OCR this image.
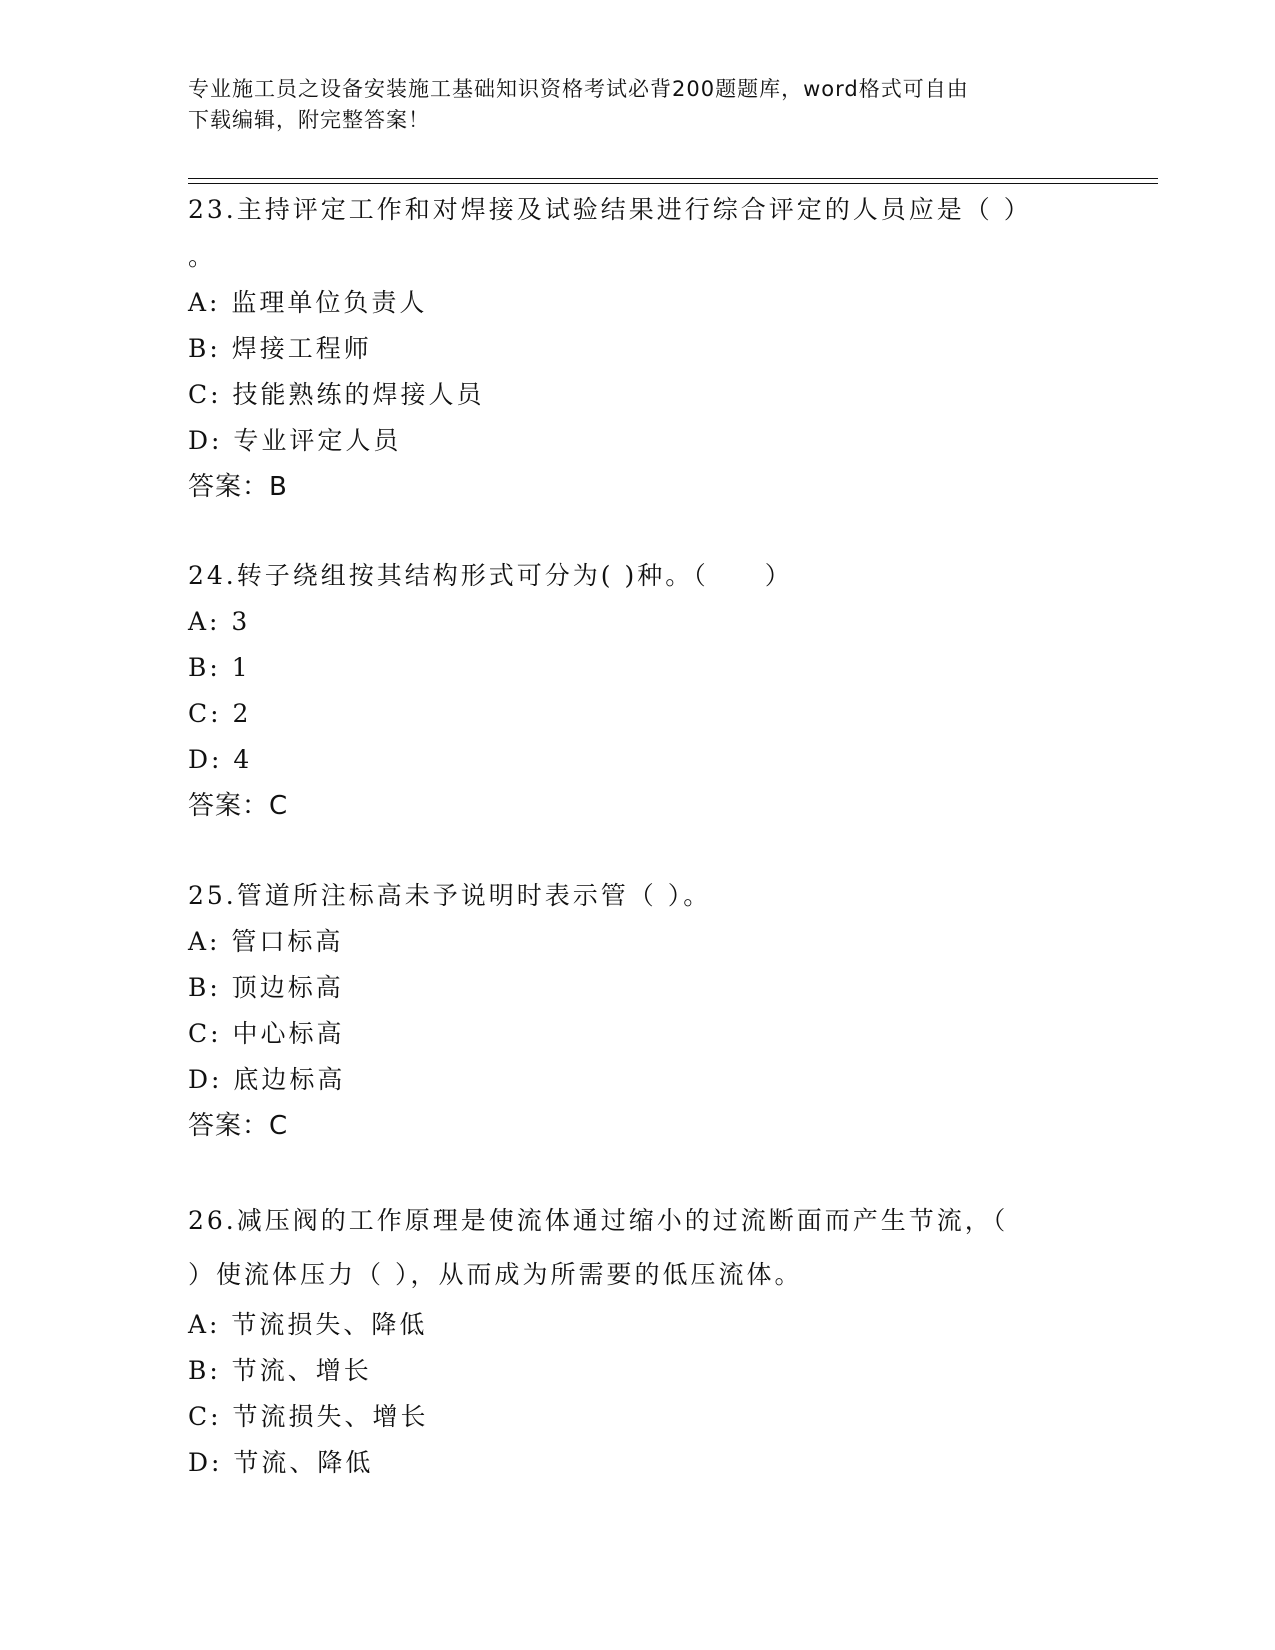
专业施工员之设备安装施工基础知识资格考试必背200题题库，word格式可自由
下载编辑，附完整答案！
23.主持评定工作和对焊接及试验结果进行综合评定的人员应是（ ）
。
A: 监理单位负责人
B: 焊接工程师
C: 技能熟练的焊接人员
D: 专业评定人员
答案：B
24.转子绕组按其结构形式可分为( )种。（　　）
A: 3
B: 1
C: 2
D: 4
答案：C
25.管道所注标高未予说明时表示管（ ）。
A: 管口标高
B: 顶边标高
C: 中心标高
D: 底边标高
答案：C
26.减压阀的工作原理是使流体通过缩小的过流断面而产生节流，（
）使流体压力（ ），从而成为所需要的低压流体。
A: 节流损失、降低
B: 节流、增长
C: 节流损失、增长
D: 节流、降低
